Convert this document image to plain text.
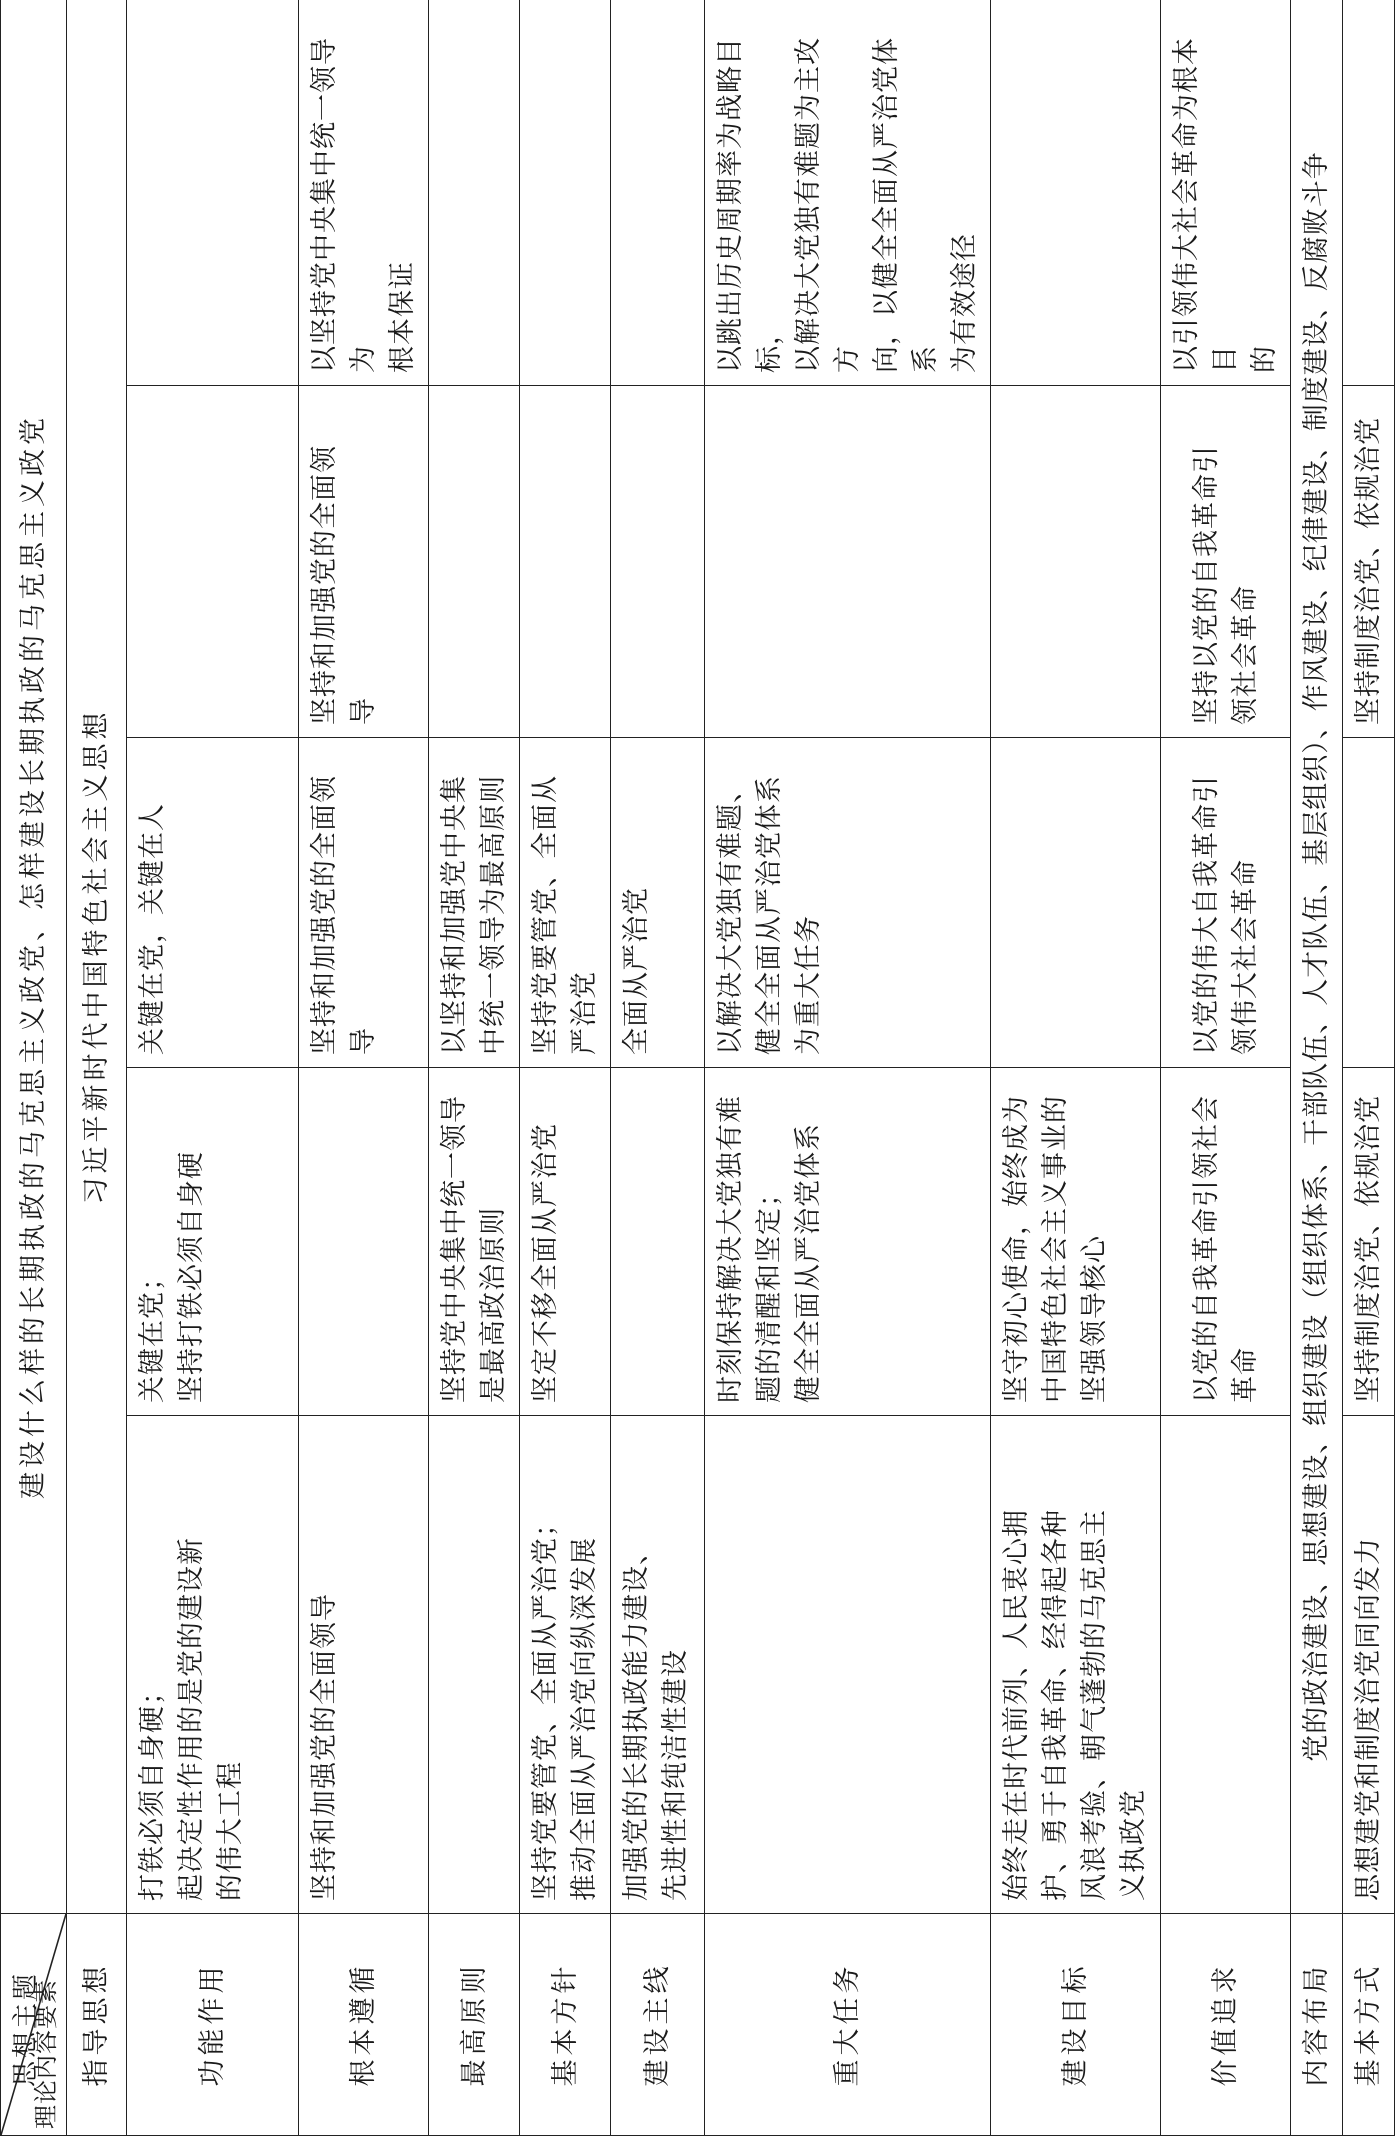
理论内容要素
思想主题	建设什么样的长期执政的马克思主义政党、怎样建设长期执政的马克思主义政党				

指导思想	习近平新时代中国特色社会主义思想				
功能作用	打铁必须自身硬； 起决定性作用的是党的建设新 的伟大工程	关键在党； 坚持打铁必须自身硬	关键在党，关键在人		

根本遵循	坚持和加强党的全面领导		坚持和加强党的全面领 导	坚持和加强党的全面领 导	以坚持党中央集中统一领导为 根本保证

最高原则		坚持党中央集中统一领导 是最高政治原则	以坚持和加强党中央集 中统一领导为最高原则		

基本方针	坚持党要管党、全面从严治党； 推动全面从严治党向纵深发展	坚定不移全面从严治党	坚持党要管党、全面从 严治党		

建设主线	加强党的长期执政能力建设、 先进性和纯洁性建设		全面从严治党		

重大任务		时刻保持解决大党独有难 题的清醒和坚定； 健全全面从严治党体系	以解决大党独有难题、 健全全面从严治党体系 为重大任务		以跳出历史周期率为战略目标， 以解决大党独有难题为主攻方 向，以健全全面从严治党体系 为有效途径

建设目标	始终走在时代前列、人民衷心拥 护、勇于自我革命、经得起各种 风浪考验、朝气蓬勃的马克思主 义执政党	坚守初心使命，始终成为 中国特色社会主义事业的 坚强领导核心			

价值追求		以党的自我革命引领社会 革命	以党的伟大自我革命引 领伟大社会革命	坚持以党的自我革命引 领社会革命	以引领伟大社会革命为根本目 的

内容布局	党的政治建设、思想建设、组织建设（组织体系、干部队伍、人才队伍、基层组织）、作风建设、纪律建设、制度建设、反腐败斗争				
基本方式	思想建党和制度治党同向发力	坚持制度治党、依规治党		坚持制度治党、依规治党	
